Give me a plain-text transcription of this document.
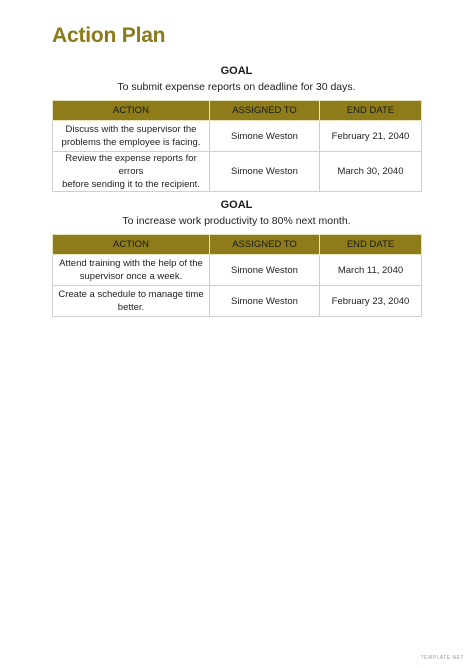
Action Plan
GOAL
To submit expense reports on deadline for 30 days.
ACTION	ASSIGNED TO	END DATE
Discuss with the supervisor the
problems the employee is facing.	Simone Weston	February 21, 2040
Review the expense reports for errors
before sending it to the recipient.	Simone Weston	March 30, 2040
GOAL
To increase work productivity to 80% next month.
ACTION	ASSIGNED TO	END DATE
Attend training with the help of the
supervisor once a week.	Simone Weston	March 11, 2040
Create a schedule to manage time
better.	Simone Weston	February 23, 2040
TEMPLATE.NET
